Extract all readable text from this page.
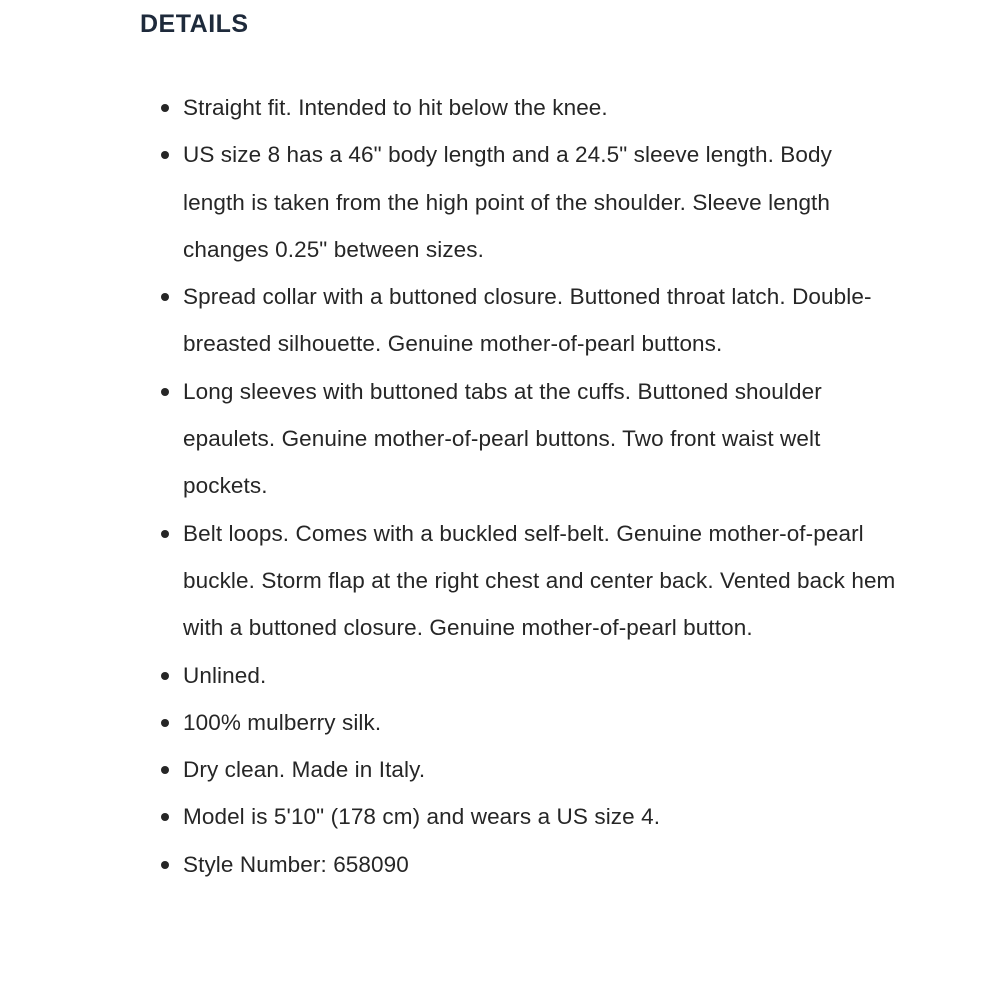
DETAILS
Straight fit. Intended to hit below the knee.
US size 8 has a 46" body length and a 24.5" sleeve length. Body length is taken from the high point of the shoulder. Sleeve length changes 0.25" between sizes.
Spread collar with a buttoned closure. Buttoned throat latch. Double-breasted silhouette. Genuine mother-of-pearl buttons.
Long sleeves with buttoned tabs at the cuffs. Buttoned shoulder epaulets. Genuine mother-of-pearl buttons. Two front waist welt pockets.
Belt loops. Comes with a buckled self-belt. Genuine mother-of-pearl buckle. Storm flap at the right chest and center back. Vented back hem with a buttoned closure. Genuine mother-of-pearl button.
Unlined.
100% mulberry silk.
Dry clean. Made in Italy.
Model is 5'10" (178 cm) and wears a US size 4.
Style Number: 658090
